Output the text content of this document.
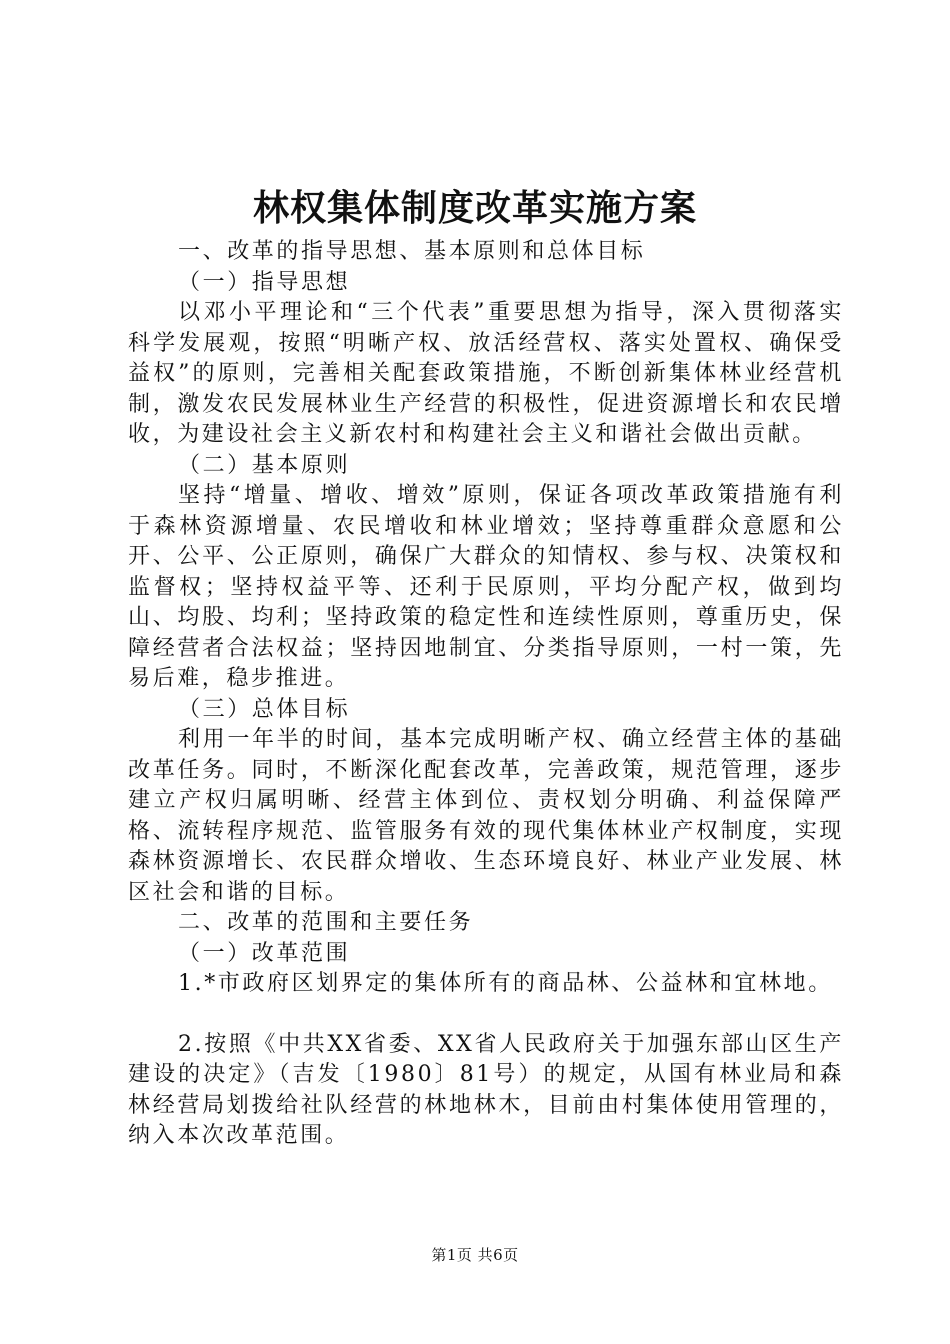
林权集体制度改革实施方案

一、改革的指导思想、基本原则和总体目标

（一）指导思想

以邓小平理论和“三个代表”重要思想为指导，深入贯彻落实科学发展观，按照“明晰产权、放活经营权、落实处置权、确保受益权”的原则，完善相关配套政策措施，不断创新集体林业经营机制，激发农民发展林业生产经营的积极性，促进资源增长和农民增收，为建设社会主义新农村和构建社会主义和谐社会做出贡献。

（二）基本原则

坚持“增量、增收、增效”原则，保证各项改革政策措施有利于森林资源增量、农民增收和林业增效；坚持尊重群众意愿和公开、公平、公正原则，确保广大群众的知情权、参与权、决策权和监督权；坚持权益平等、还利于民原则，平均分配产权，做到均山、均股、均利；坚持政策的稳定性和连续性原则，尊重历史，保障经营者合法权益；坚持因地制宜、分类指导原则，一村一策，先易后难，稳步推进。

（三）总体目标

利用一年半的时间，基本完成明晰产权、确立经营主体的基础改革任务。同时，不断深化配套改革，完善政策，规范管理，逐步建立产权归属明晰、经营主体到位、责权划分明确、利益保障严格、流转程序规范、监管服务有效的现代集体林业产权制度，实现森林资源增长、农民群众增收、生态环境良好、林业产业发展、林区社会和谐的目标。

二、改革的范围和主要任务

（一）改革范围

1.*市政府区划界定的集体所有的商品林、公益林和宜林地。

2.按照《中共XX省委、XX省人民政府关于加强东部山区生产建设的决定》（吉发〔1980〕81号）的规定，从国有林业局和森林经营局划拨给社队经营的林地林木，目前由村集体使用管理的，纳入本次改革范围。

第1页 共6页
